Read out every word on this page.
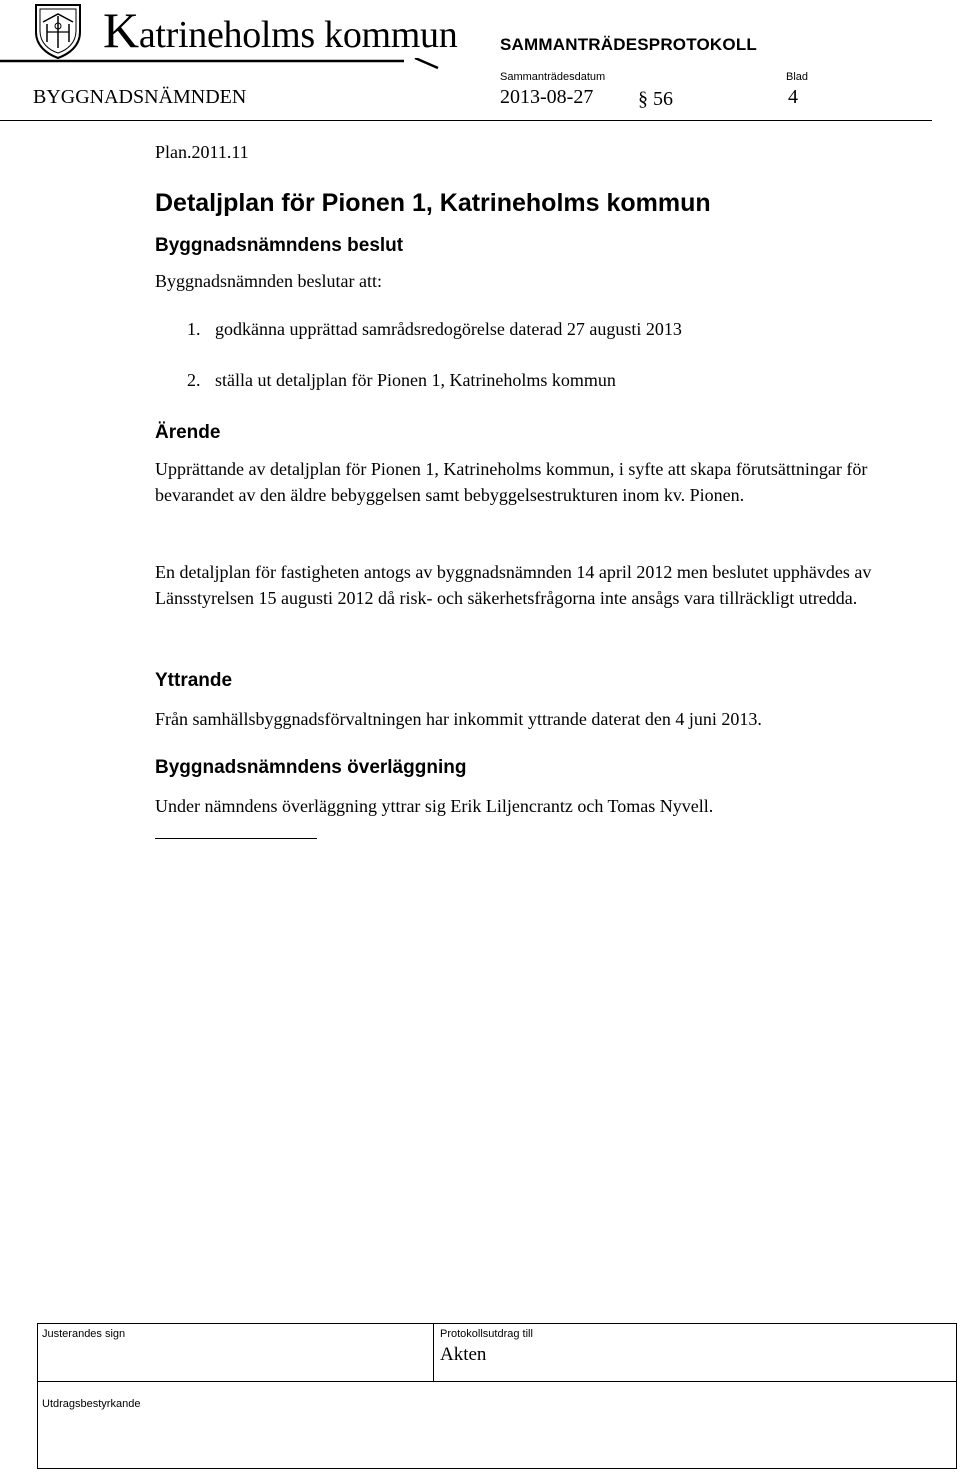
Katrineholms kommun	SAMMANTRÄDESPROTOKOLL
Sammanträdesdatum	Blad
BYGGNADSNÄMNDEN	2013-08-27 § 56	4
Plan.2011.11
Detaljplan för Pionen 1, Katrineholms kommun
Byggnadsnämndens beslut
Byggnadsnämnden beslutar att:
1. godkänna upprättad samrådsredogörelse daterad 27 augusti 2013
2. ställa ut detaljplan för Pionen 1, Katrineholms kommun
Ärende
Upprättande av detaljplan för Pionen 1, Katrineholms kommun, i syfte att skapa förutsättningar för bevarandet av den äldre bebyggelsen samt bebyggelsestrukturen inom kv. Pionen.
En detaljplan för fastigheten antogs av byggnadsnämnden 14 april 2012 men beslutet upphävdes av Länsstyrelsen 15 augusti 2012 då risk- och säkerhetsfrågorna inte ansågs vara tillräckligt utredda.
Yttrande
Från samhällsbyggnadsförvaltningen har inkommit yttrande daterat den 4 juni 2013.
Byggnadsnämndens överläggning
Under nämndens överläggning yttrar sig Erik Liljencrantz och Tomas Nyvell.
Justerandes sign	Protokollsutdrag till
Akten
Utdragsbestyrkande
